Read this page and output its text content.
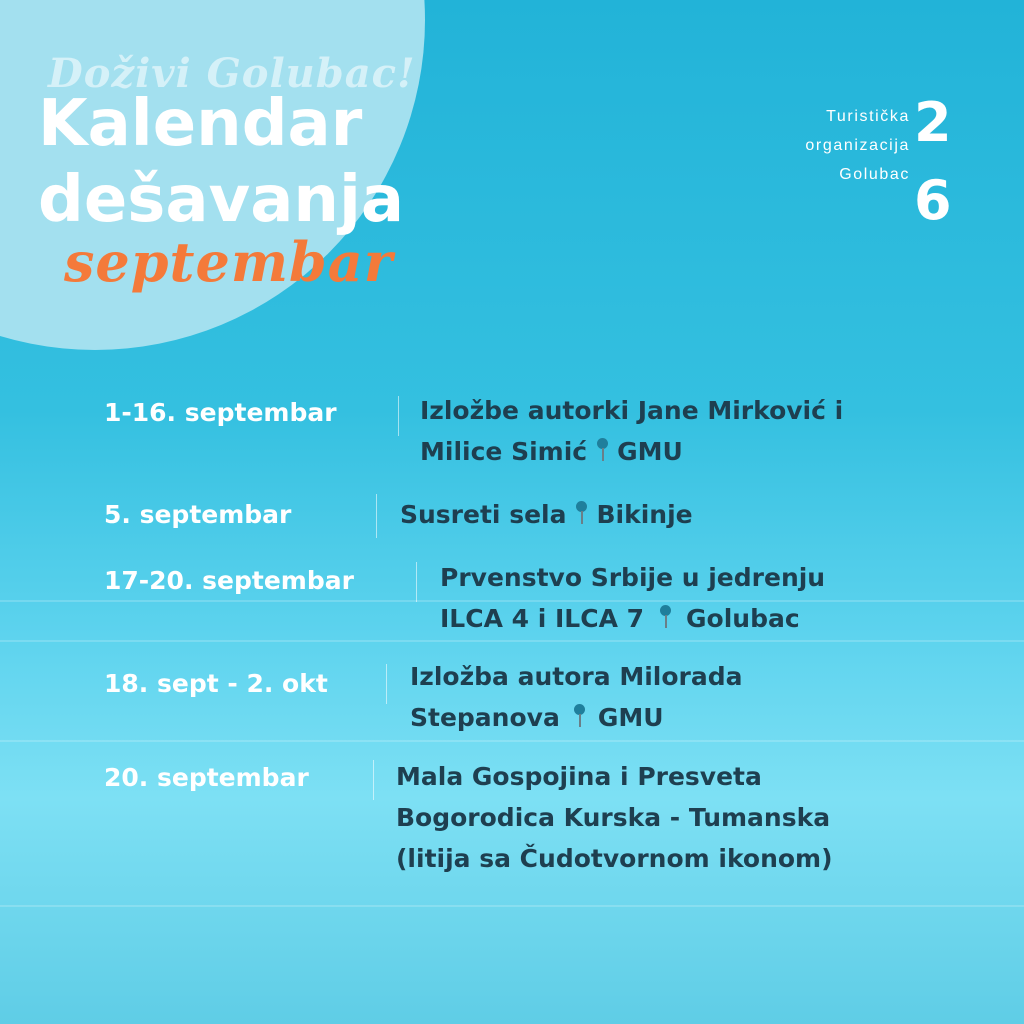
Doživi Golubac!

Kalendar
dešavanja

septembar

Turistička
organizacija
Golubac
2
6
1-16. septembar	Izložbe autorki Jane Mirković i
Milice Simić GMU
5. septembar	Susreti sela Bikinje
17-20. septembar	Prvenstvo Srbije u jedrenju
ILCA 4 i ILCA 7 Golubac
18. sept - 2. okt	Izložba autora Milorada
Stepanova GMU
20. septembar	Mala Gospojina i Presveta
Bogorodica Kurska - Tumanska
(litija sa Čudotvornom ikonom)
